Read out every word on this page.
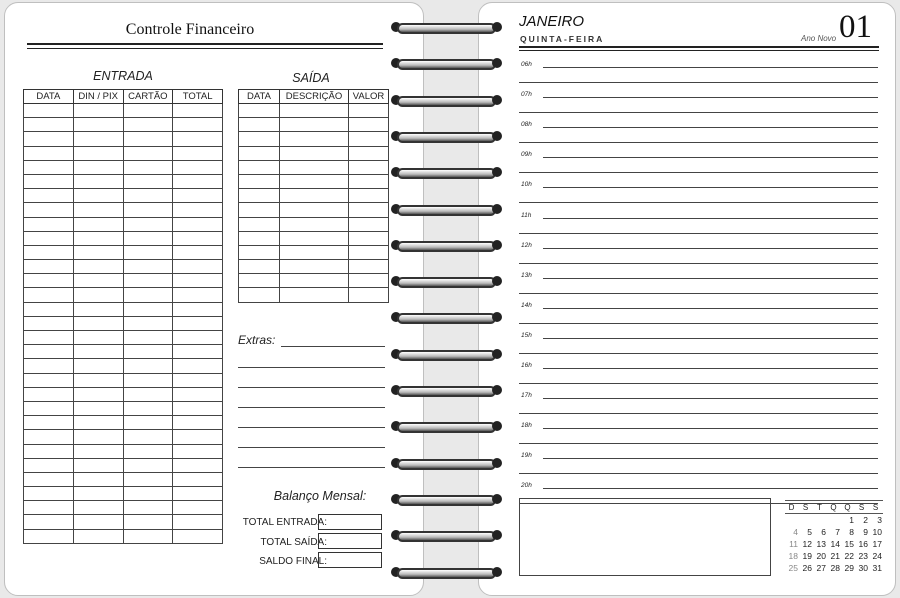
Controle Financeiro
ENTRADA
DATA	DIN / PIX	CARTÃO	TOTAL

SAÍDA
DATA	DESCRIÇÃO	VALOR

Extras:
Balanço Mensal:
TOTAL ENTRADA:
TOTAL SAÍDA:
SALDO FINAL:
JANEIRO
QUINTA-FEIRA	Ano Novo 01
06h
07h
08h
09h
10h
11h
12h
13h
14h
15h
16h
17h
18h
19h
20h
D	S	T	Q	Q	S	S
				1	2	3
4	5	6	7	8	9	10
11	12	13	14	15	16	17
18	19	20	21	22	23	24
25	26	27	28	29	30	31
